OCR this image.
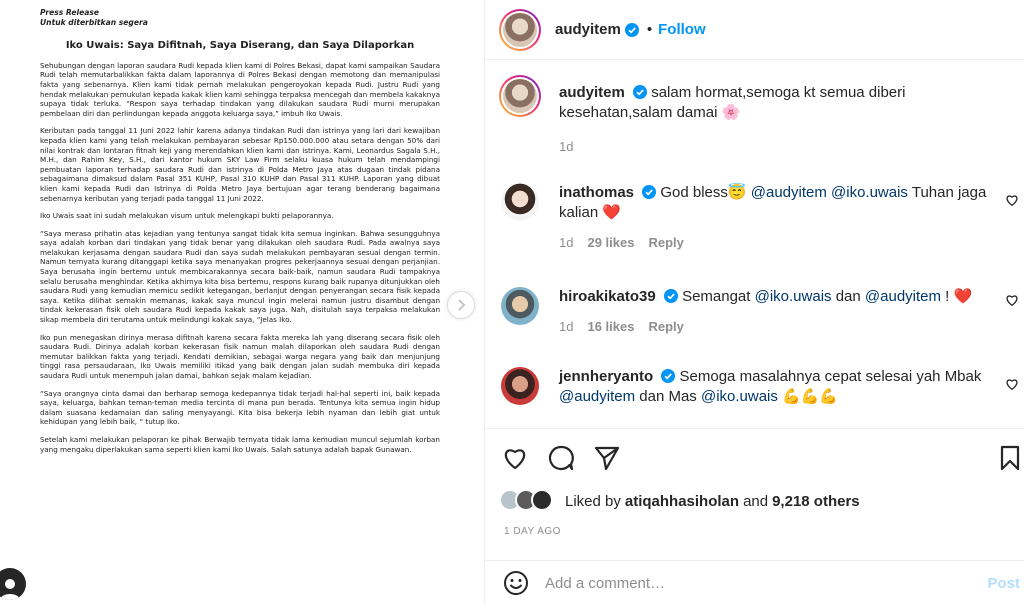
Press Release
Untuk diterbitkan segera
Iko Uwais: Saya Difitnah, Saya Diserang, dan Saya Dilaporkan

Sehubungan dengan laporan saudara Rudi kepada klien kami di Polres Bekasi, dapat kami sampaikan Saudara Rudi telah memutarbalikkan fakta dalam laporannya di Polres Bekasi dengan memotong dan memanipulasi fakta yang sebenarnya. Klien kami tidak pernah melakukan pengeroyokan kepada Rudi. Justru Rudi yang hendak melakukan pemukulan kepada kakak klien kami sehingga terpaksa mencegah dan membela kakaknya supaya tidak terluka. “Respon saya terhadap tindakan yang dilakukan saudara Rudi murni merupakan pembelaan diri dan perlindungan kepada anggota keluarga saya,” imbuh Iko Uwais.

Keributan pada tanggal 11 Juni 2022 lahir karena adanya tindakan Rudi dan istrinya yang lari dari kewajiban kepada klien kami yang telah melakukan pembayaran sebesar Rp150.000.000 atau setara dengan 50% dari nilai kontrak dan lontaran fitnah keji yang merendahkan klien kami dan istrinya. Kami, Leonardus Sagala S.H., M.H., dan Rahim Key, S.H., dari kantor hukum SKY Law Firm selaku kuasa hukum telah mendampingi pembuatan laporan terhadap saudara Rudi dan istrinya di Polda Metro Jaya atas dugaan tindak pidana sebagaimana dimaksud dalam Pasal 351 KUHP, Pasal 310 KUHP dan Pasal 311 KUHP. Laporan yang dibuat klien kami kepada Rudi dan Istrinya di Polda Metro Jaya bertujuan agar terang benderang bagaimana sebenarnya keributan yang terjadi pada tanggal 11 Juni 2022.

Iko Uwais saat ini sudah melakukan visum untuk melengkapi bukti pelaporannya.

“Saya merasa prihatin atas kejadian yang tentunya sangat tidak kita semua inginkan. Bahwa sesungguhnya saya adalah korban dari tindakan yang tidak benar yang dilakukan oleh saudara Rudi. Pada awalnya saya melakukan kerjasama dengan saudara Rudi dan saya sudah melakukan pembayaran sesuai dengan termin. Namun ternyata kurang ditanggapi ketika saya menanyakan progres pekerjaannya sesuai dengan perjanjian. Saya berusaha ingin bertemu untuk membicarakannya secara baik-baik, namun saudara Rudi tampaknya selalu berusaha menghindar. Ketika akhirnya kita bisa bertemu, respons kurang baik rupanya ditunjukkan oleh saudara Rudi yang kemudian memicu sedikit ketegangan, berlanjut dengan penyerangan secara fisik kepada saya. Ketika dilihat semakin memanas, kakak saya muncul ingin melerai namun justru disambut dengan tindak kekerasan fisik oleh saudara Rudi kepada kakak saya juga. Nah, disitulah saya terpaksa melakukan sikap membela diri terutama untuk melindungi kakak saya, “Jelas Iko.

Iko pun menegaskan dirinya merasa difitnah karena secara fakta mereka lah yang diserang secara fisik oleh saudara Rudi. Dirinya adalah korban kekerasan fisik namun malah dilaporkan oleh saudara Rudi dengan memutar balikkan fakta yang terjadi. Kendati demikian, sebagai warga negara yang baik dan menjunjung tinggi rasa persaudaraan, Iko Uwais memiliki itikad yang baik dengan jalan sudah membuka diri kepada saudara Rudi untuk menempuh jalan damai, bahkan sejak malam kejadian.

“Saya orangnya cinta damai dan berharap semoga kedepannya tidak terjadi hal-hal seperti ini, baik kepada saya, keluarga, bahkan teman-teman media tercinta di mana pun berada. Tentunya kita semua ingin hidup dalam suasana kedamaian dan saling menyayangi. Kita bisa bekerja lebih nyaman dan lebih giat untuk kehidupan yang lebih baik, “ tutup Iko.

Setelah kami melakukan pelaporan ke pihak Berwajib ternyata tidak lama kemudian muncul sejumlah korban yang mengaku diperlakukan sama seperti klien kami Iko Uwais. Salah satunya adalah bapak Gunawan.

audyitem • Follow
audyitem salam hormat,semoga kt semua diberi kesehatan,salam damai 🌸
1d
inathomas God bless😇 @audyitem @iko.uwais Tuhan jaga kalian ❤️
1d 29 likes Reply
hiroakikato39 Semangat @iko.uwais dan @audyitem ! ❤️
1d 16 likes Reply
jennheryanto Semoga masalahnya cepat selesai yah Mbak @audyitem dan Mas @iko.uwais 💪💪💪
Liked by atiqahhasiholan and 9,218 others
1 DAY AGO
Add a comment…
Post
